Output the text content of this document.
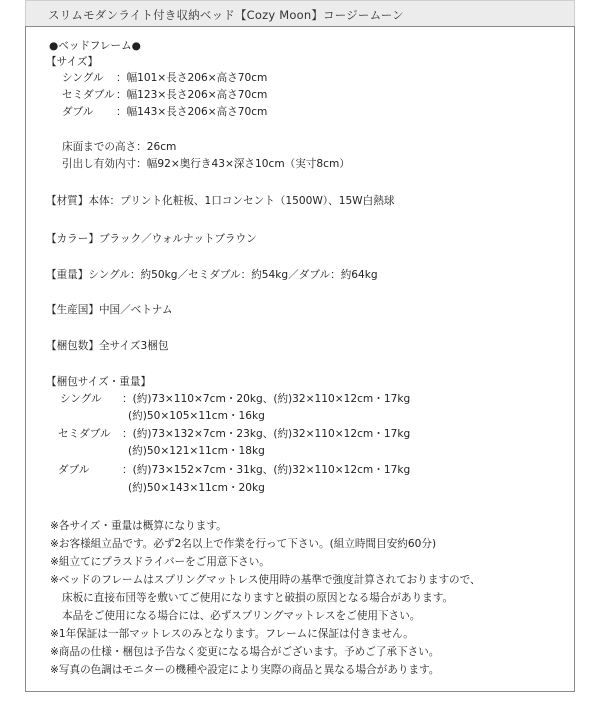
スリムモダンライト付き収納ベッド【Cozy Moon】コージームーン
●ベッドフレーム●
【サイズ】
シングル ：幅101×長さ206×高さ70cm
セミダブル ：幅123×長さ206×高さ70cm
ダブル ：幅143×長さ206×高さ70cm
床面までの高さ：26cm
引出し有効内寸：幅92×奥行き43×深さ10cm（実寸8cm）
【材質】本体：プリント化粧板、1口コンセント（1500W）、15W白熱球
【カラー】ブラック／ウォルナットブラウン
【重量】シングル：約50kg／セミダブル：約54kg／ダブル：約64kg
【生産国】中国／ベトナム
【梱包数】全サイズ3梱包
【梱包サイズ・重量】
シングル ：(約)73×110×7cm・20kg、(約)32×110×12cm・17kg
(約)50×105×11cm・16kg
セミダブル ：(約)73×132×7cm・23kg、(約)32×110×12cm・17kg
(約)50×121×11cm・18kg
ダブル	：(約)73×152×7cm・31kg、(約)32×110×12cm・17kg
(約)50×143×11cm・20kg
※各サイズ・重量は概算になります。
※お客様組立品です。必ず2名以上で作業を行って下さい。(組立時間目安約60分)
※組立てにプラスドライバーをご用意下さい。
※ベッドのフレームはスプリングマットレス使用時の基準で強度計算されておりますので、
床板に直接布団等を敷いてご使用になりますと破損の原因となる場合があります。
本品をご使用になる場合には、必ずスプリングマットレスをご使用下さい。
※1年保証は一部マットレスのみとなります。フレームに保証は付きません。
※商品の仕様・梱包は予告なく変更になる場合がございます。予めご了承下さい。
※写真の色調はモニターの機種や設定により実際の商品と異なる場合があります。
